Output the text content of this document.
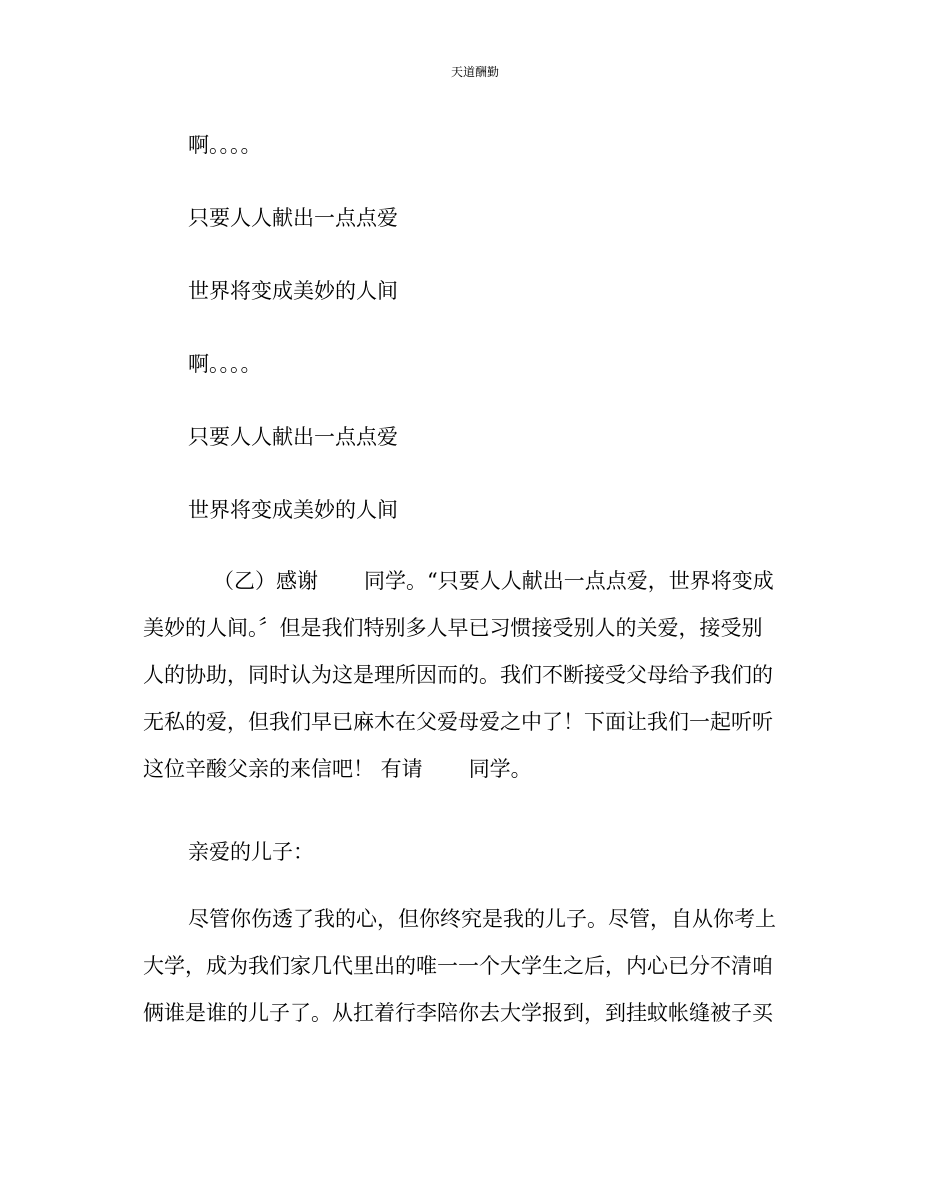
天道酬勤
啊。。。。
只要人人献出一点点爱
世界将变成美妙的人间
啊。。。。
只要人人献出一点点爱
世界将变成美妙的人间
（乙）感谢 同学。“只要人人献出一点点爱，世界将变成
美妙的人间。〞但是我们特别多人早已习惯接受别人的关爱，接受别
人的协助，同时认为这是理所因而的。我们不断接受父母给予我们的
无私的爱，但我们早已麻木在父爱母爱之中了！下面让我们一起听听
这位辛酸父亲的来信吧！ 有请 同学。
亲爱的儿子：
尽管你伤透了我的心，但你终究是我的儿子。尽管，自从你考上
大学，成为我们家几代里出的唯一一个大学生之后，内心已分不清咱
俩谁是谁的儿子了。从扛着行李陪你去大学报到，到挂蚊帐缝被子买
